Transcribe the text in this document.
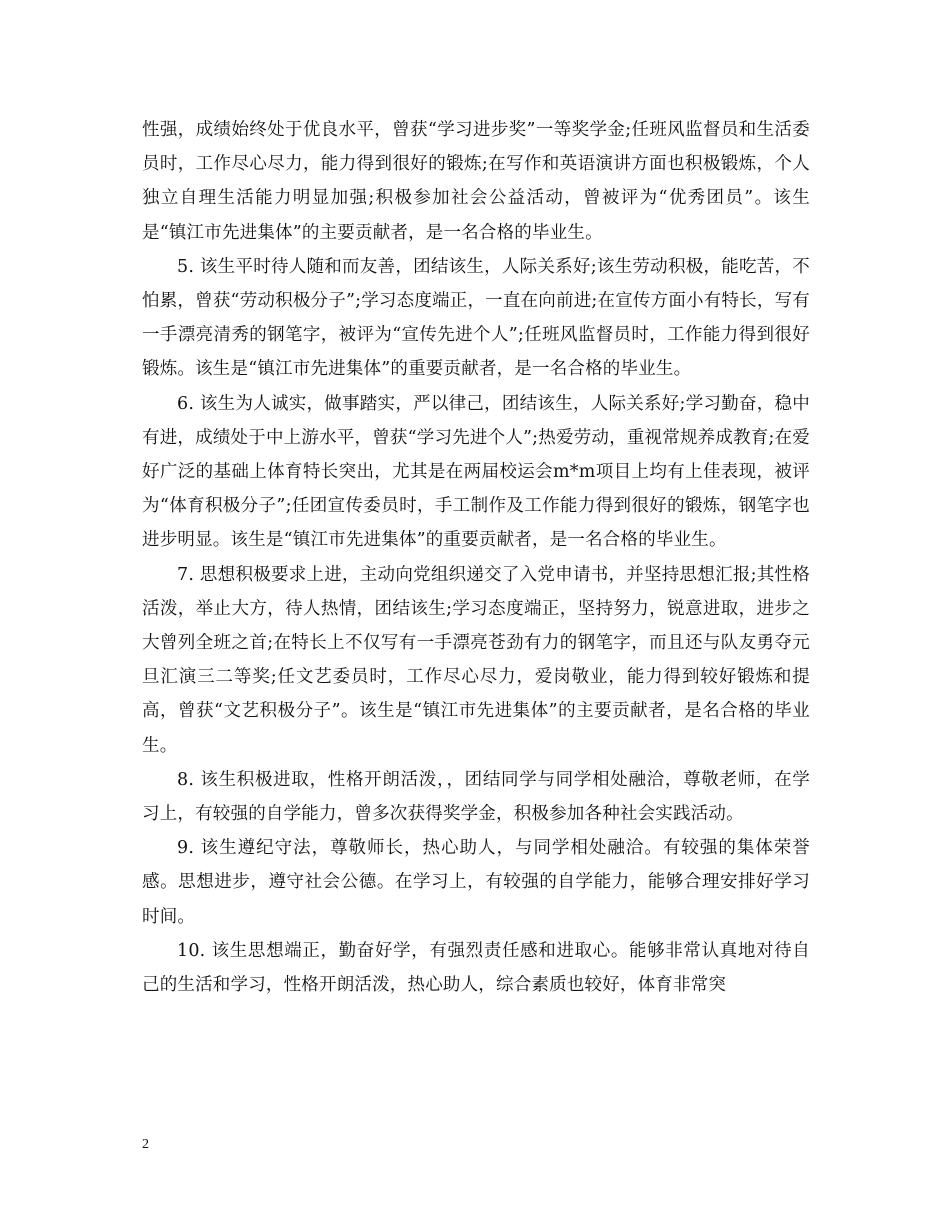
性强，成绩始终处于优良水平，曾获“学习进步奖”一等奖学金;任班风监督员和生活委员时，工作尽心尽力，能力得到很好的锻炼;在写作和英语演讲方面也积极锻炼，个人独立自理生活能力明显加强;积极参加社会公益活动，曾被评为“优秀团员”。该生是“镇江市先进集体”的主要贡献者，是一名合格的毕业生。

5. 该生平时待人随和而友善，团结该生，人际关系好;该生劳动积极，能吃苦，不怕累，曾获“劳动积极分子”;学习态度端正，一直在向前进;在宣传方面小有特长，写有一手漂亮清秀的钢笔字，被评为“宣传先进个人”;任班风监督员时，工作能力得到很好锻炼。该生是“镇江市先进集体”的重要贡献者，是一名合格的毕业生。

6. 该生为人诚实，做事踏实，严以律己，团结该生，人际关系好;学习勤奋，稳中有进，成绩处于中上游水平，曾获“学习先进个人”;热爱劳动，重视常规养成教育;在爱好广泛的基础上体育特长突出，尤其是在两届校运会m*m项目上均有上佳表现，被评为“体育积极分子”;任团宣传委员时，手工制作及工作能力得到很好的锻炼，钢笔字也进步明显。该生是“镇江市先进集体”的重要贡献者，是一名合格的毕业生。

7. 思想积极要求上进，主动向党组织递交了入党申请书，并坚持思想汇报;其性格活泼，举止大方，待人热情，团结该生;学习态度端正，坚持努力，锐意进取，进步之大曾列全班之首;在特长上不仅写有一手漂亮苍劲有力的钢笔字，而且还与队友勇夺元旦汇演三二等奖;任文艺委员时，工作尽心尽力，爱岗敬业，能力得到较好锻炼和提高，曾获“文艺积极分子”。该生是“镇江市先进集体”的主要贡献者，是名合格的毕业生。

8. 该生积极进取，性格开朗活泼，，团结同学与同学相处融洽，尊敬老师，在学习上，有较强的自学能力，曾多次获得奖学金，积极参加各种社会实践活动。

9. 该生遵纪守法，尊敬师长，热心助人，与同学相处融洽。有较强的集体荣誉感。思想进步，遵守社会公德。在学习上，有较强的自学能力，能够合理安排好学习时间。

10. 该生思想端正，勤奋好学，有强烈责任感和进取心。能够非常认真地对待自己的生活和学习，性格开朗活泼，热心助人，综合素质也较好，体育非常突

2
